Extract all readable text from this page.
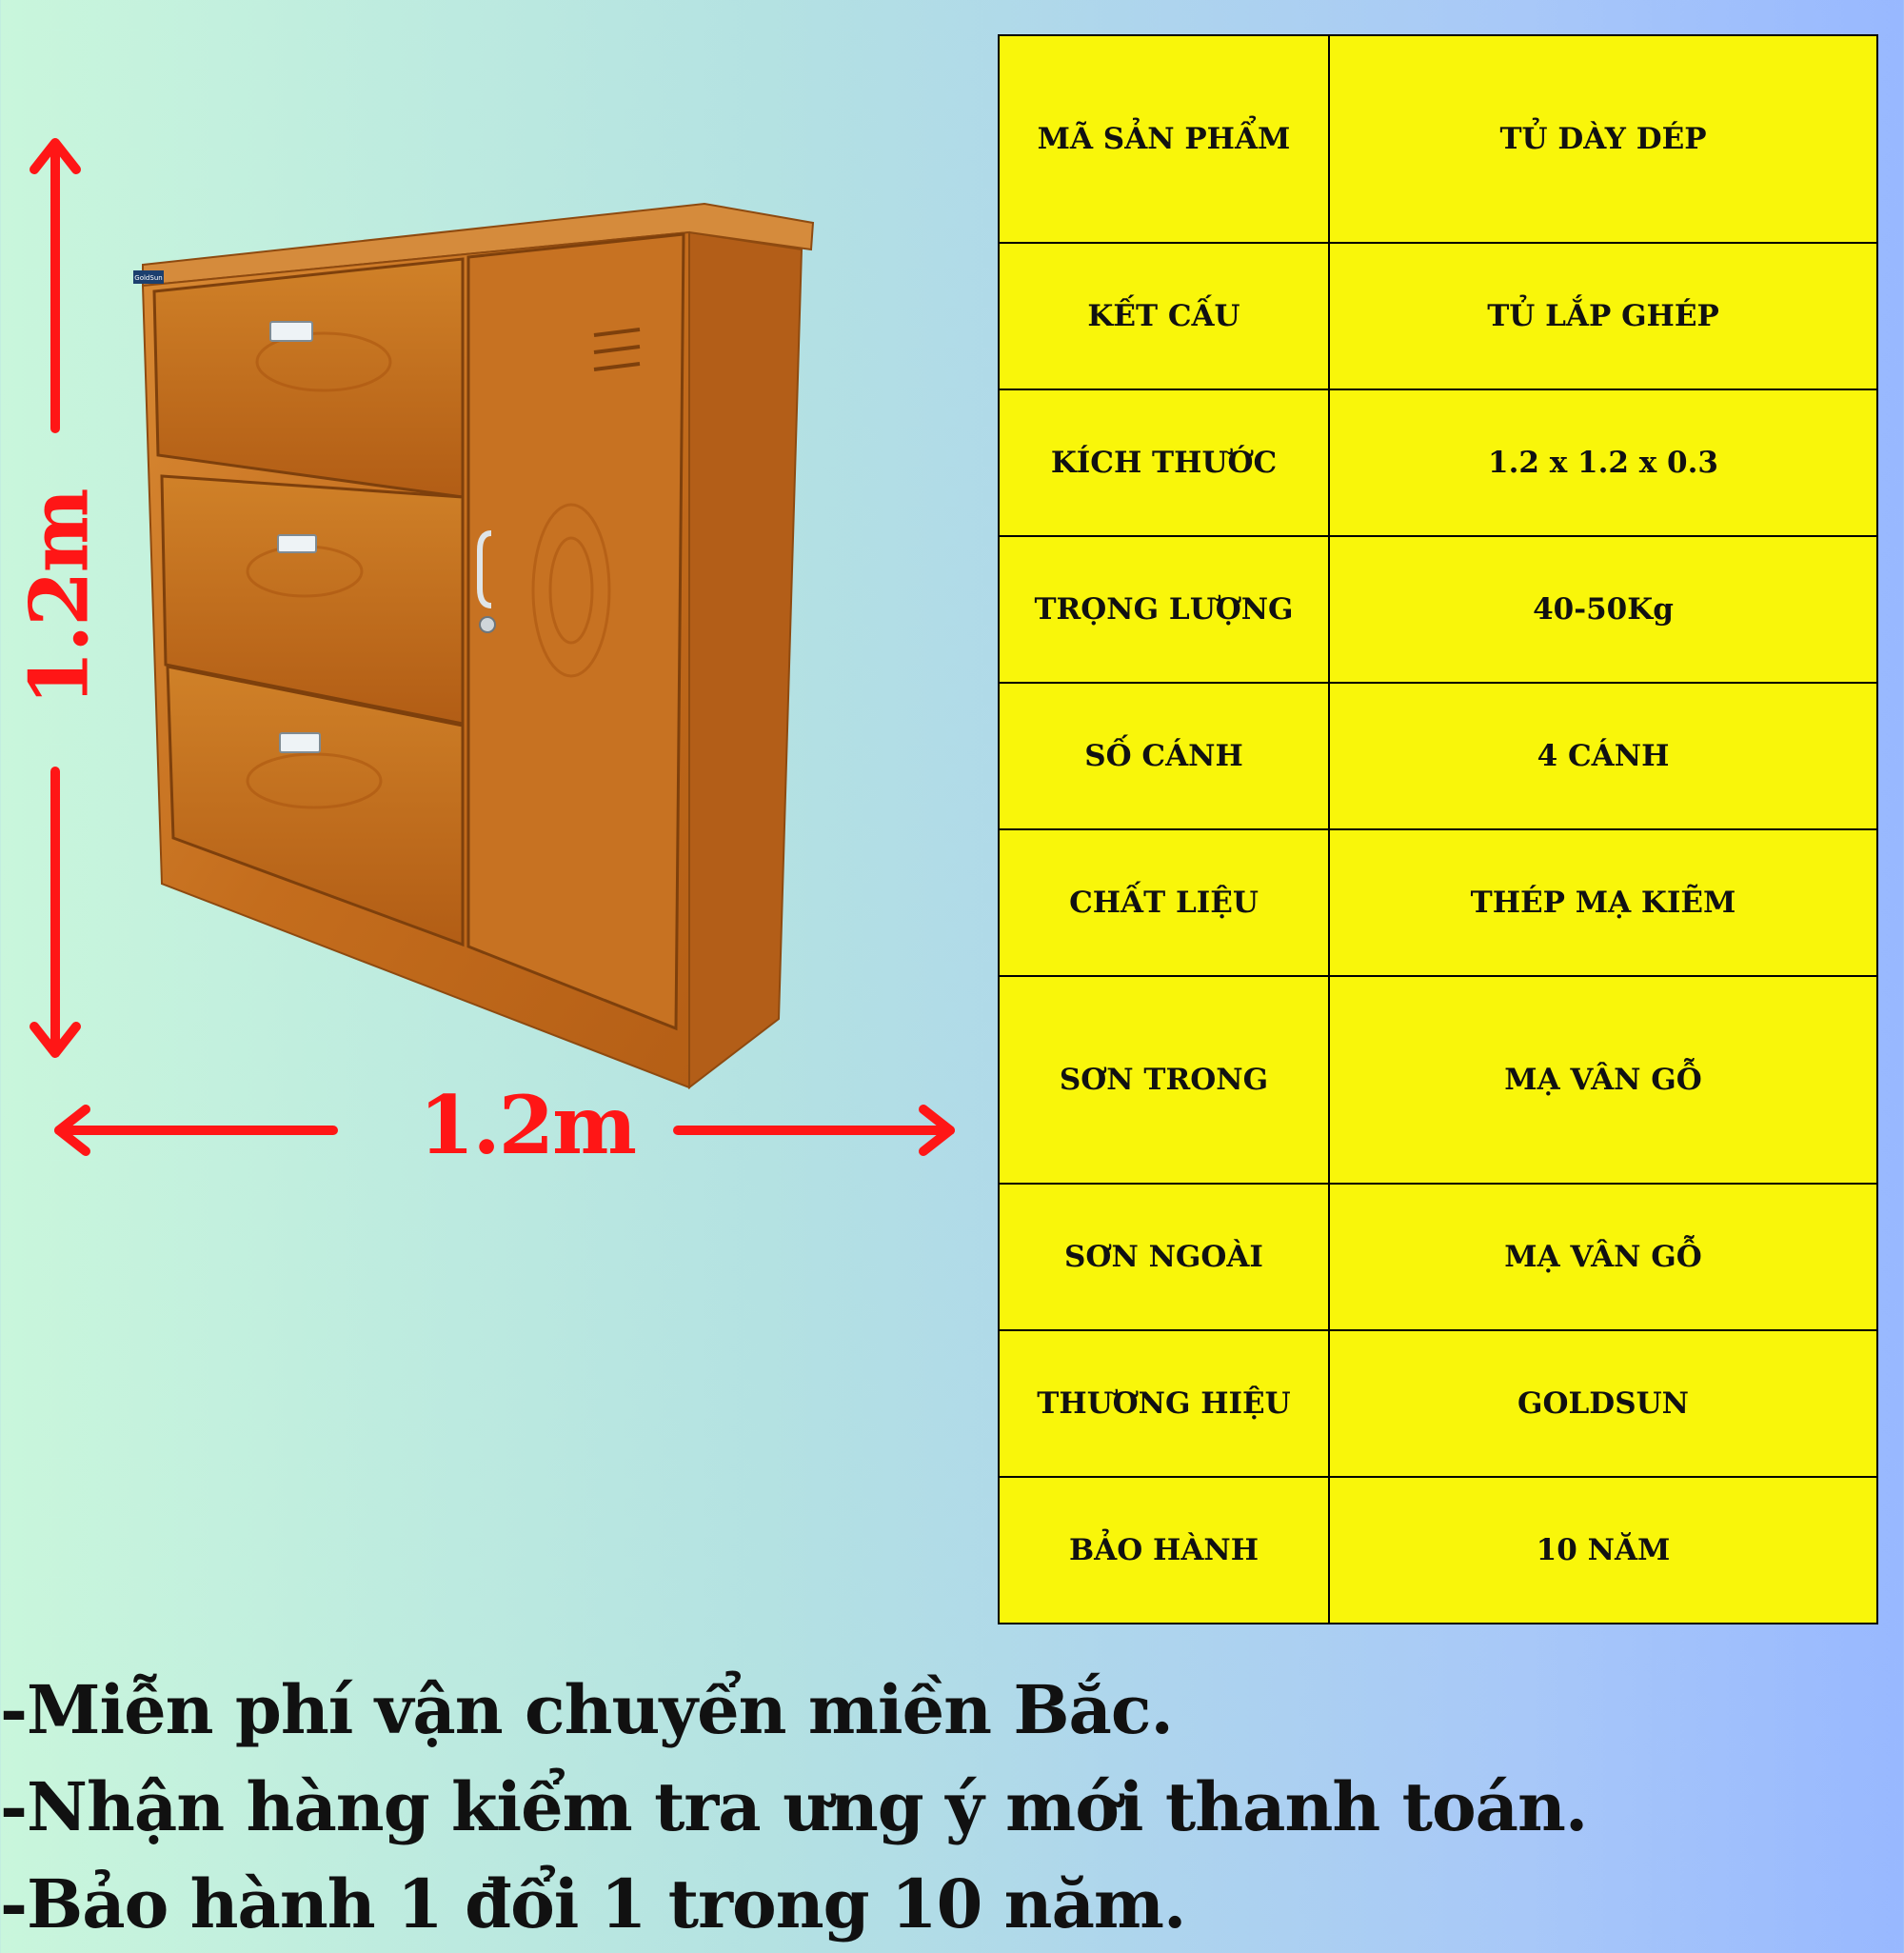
1.2m
1.2m
GoldSun
MÃ SẢN PHẨM	TỦ DÀY DÉP
KẾT CẤU	TỦ LẮP GHÉP
KÍCH THƯỚC	1.2 x 1.2 x 0.3
TRỌNG LƯỢNG	40-50Kg
SỐ CÁNH	4 CÁNH
CHẤT LIỆU	THÉP MẠ KIẼM
SƠN TRONG	MẠ VÂN GỖ
SƠN NGOÀI	MẠ VÂN GỖ
THƯƠNG HIỆU	GOLDSUN
BẢO HÀNH	10 NĂM
-Miễn phí vận chuyển miền Bắc.
-Nhận hàng kiểm tra ưng ý mới thanh toán.
-Bảo hành 1 đổi 1 trong 10 năm.
